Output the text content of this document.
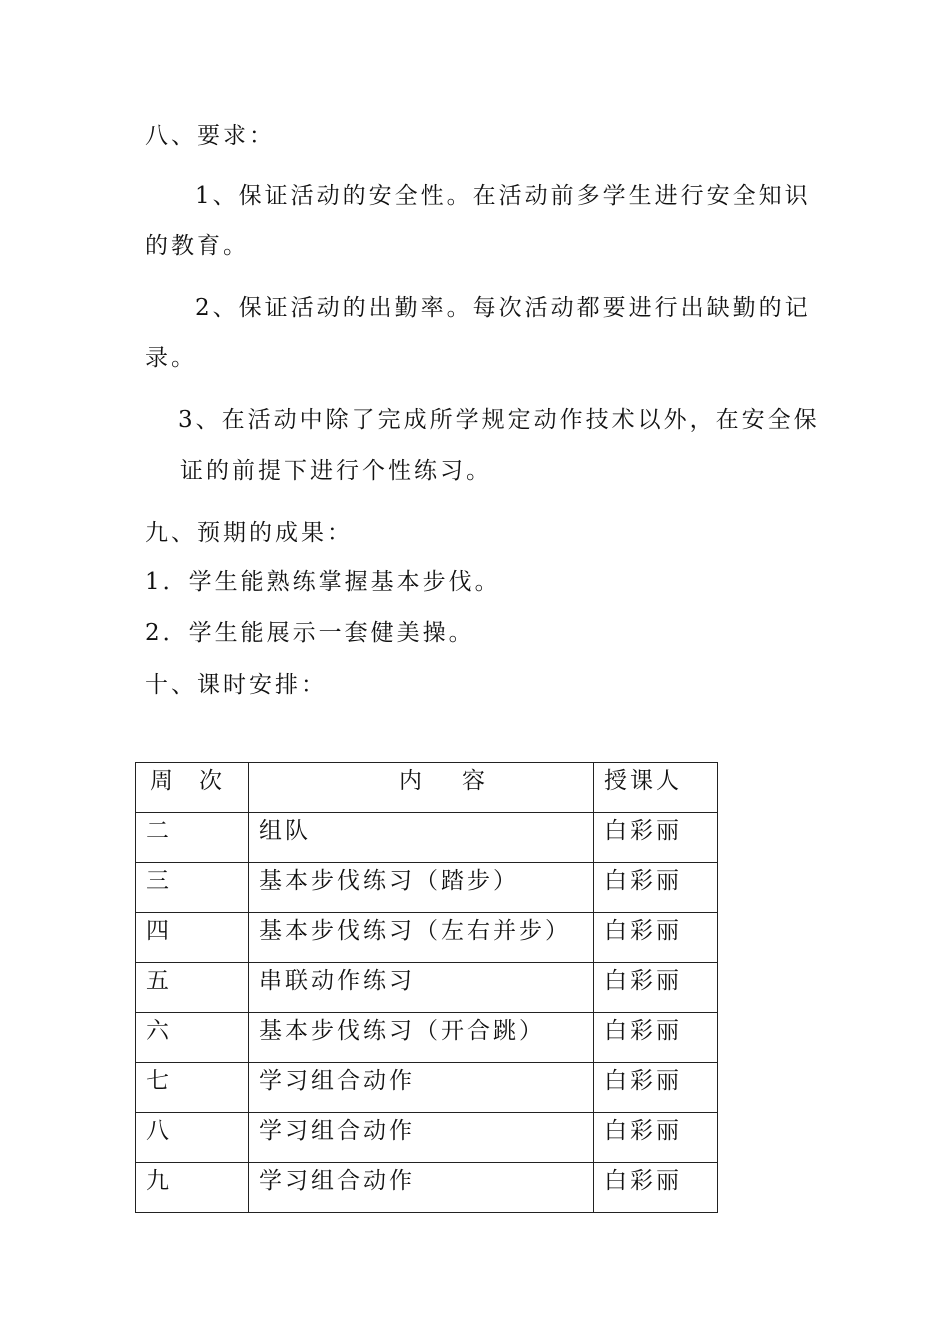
八、要求：

1、保证活动的安全性。在活动前多学生进行安全知识

的教育。

2、保证活动的出勤率。每次活动都要进行出缺勤的记

录。

3、在活动中除了完成所学规定动作技术以外，在安全保

证的前提下进行个性练习。

九、预期的成果：

1．学生能熟练掌握基本步伐。

2．学生能展示一套健美操。

十、课时安排：

周次	内容	授课人
二	组队	白彩丽
三	基本步伐练习（踏步）	白彩丽
四	基本步伐练习（左右并步）	白彩丽
五	串联动作练习	白彩丽
六	基本步伐练习（开合跳）	白彩丽
七	学习组合动作	白彩丽
八	学习组合动作	白彩丽
九	学习组合动作	白彩丽
